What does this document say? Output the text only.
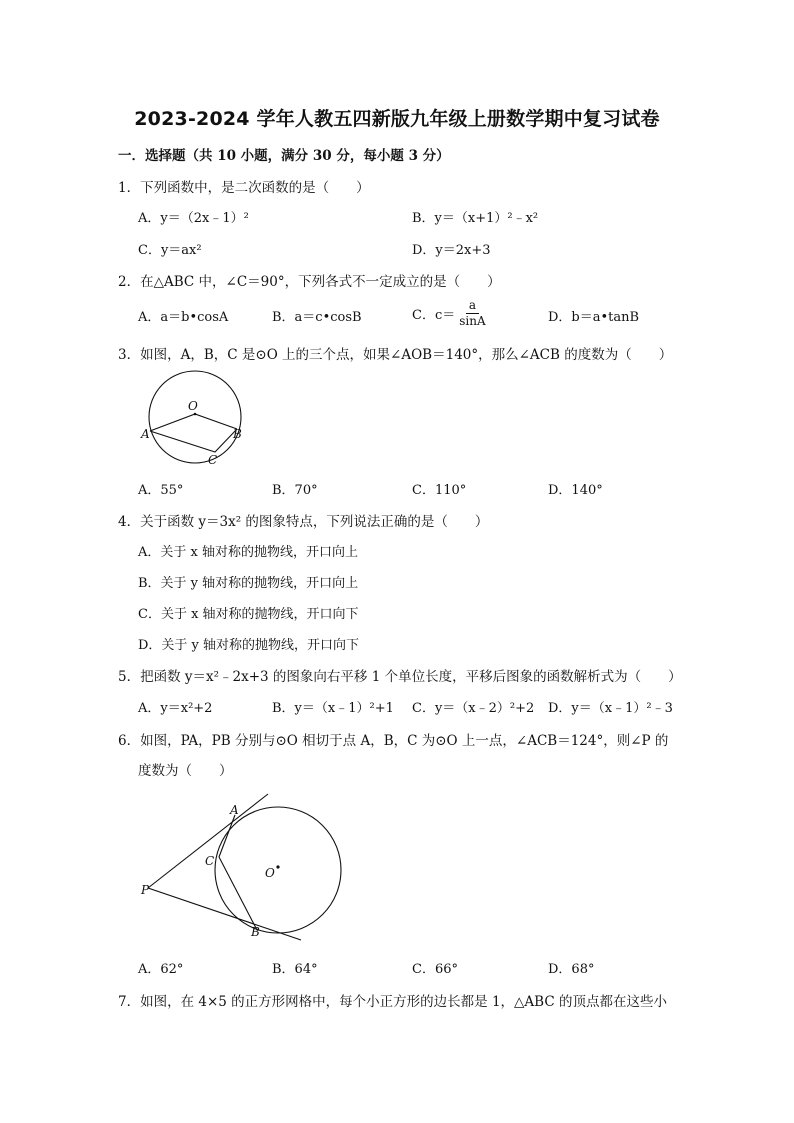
2023-2024 学年人教五四新版九年级上册数学期中复习试卷
一．选择题（共 10 小题，满分 30 分，每小题 3 分）
1．下列函数中，是二次函数的是（　　）
A．y＝（2x﹣1）²	B．y＝（x+1）²﹣x²
C．y＝ax²	D．y＝2x+3
2．在△ABC 中，∠C＝90°，下列各式不一定成立的是（　　）
A．a＝b•cosA	B．a＝c•cosB	C．$c= \frac{a}{\sin A}$	D．b＝a•tanB
3．如图，A，B，C 是⊙O 上的三个点，如果∠AOB＝140°，那么∠ACB 的度数为（　　）
O
A	B
C
A．55°	B．70°	C．110°	D．140°
4．关于函数 y＝3x² 的图象特点，下列说法正确的是（　　）
A．关于 x 轴对称的抛物线，开口向上
B．关于 y 轴对称的抛物线，开口向上
C．关于 x 轴对称的抛物线，开口向下
D．关于 y 轴对称的抛物线，开口向下
5．把函数 y＝x²﹣2x+3 的图象向右平移 1 个单位长度，平移后图象的函数解析式为（　　）
A．y＝x²+2	B．y＝（x﹣1）²+1 C．y＝（x﹣2）²+2 D．y＝（x﹣1）²﹣3
6．如图，PA，PB 分别与⊙O 相切于点 A，B，C 为⊙O 上一点，∠ACB＝124°，则∠P 的
度数为（　　）
A
C
O
P
B
A．62°	B．64°	C．66°	D．68°
7．如图，在 4×5 的正方形网格中，每个小正方形的边长都是 1，△ABC 的顶点都在这些小
